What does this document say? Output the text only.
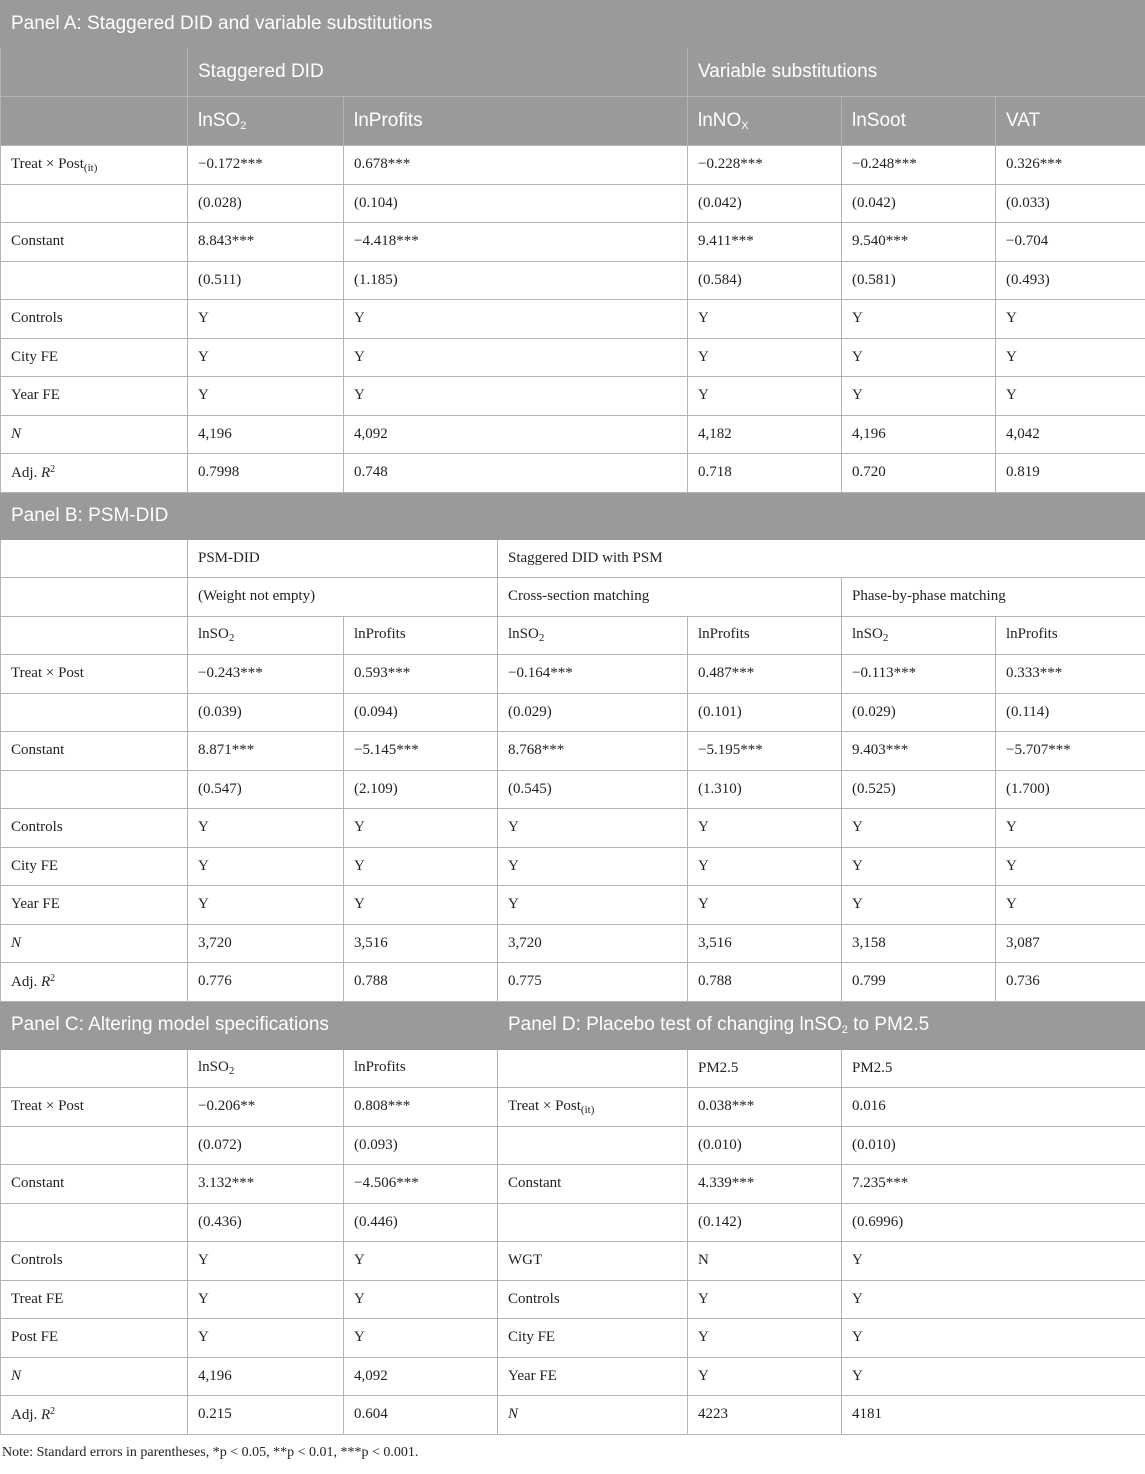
Panel A: Staggered DID and variable substitutions						
	Staggered DID			Variable substitutions		
	lnSO$_2$	lnProfits		lnNO$_X$	lnSoot	VAT
Treat × Post$_{(it)}$	−0.172***	0.678***		−0.228***	−0.248***	0.326***
	(0.028)	(0.104)		(0.042)	(0.042)	(0.033)
Constant	8.843***	−4.418***		9.411***	9.540***	−0.704
	(0.511)	(1.185)		(0.584)	(0.581)	(0.493)
Controls	Y	Y		Y	Y	Y
City FE	Y	Y		Y	Y	Y
Year FE	Y	Y		Y	Y	Y
N	4,196	4,092		4,182	4,196	4,042
Adj. $R^2$	0.7998	0.748		0.718	0.720	0.819
Panel B: PSM-DID						
	PSM-DID		Staggered DID with PSM			
	(Weight not empty)		Cross-section matching		Phase-by-phase matching	
	lnSO$_2$	lnProfits	lnSO$_2$	lnProfits	lnSO$_2$	lnProfits
Treat × Post	−0.243***	0.593***	−0.164***	0.487***	−0.113***	0.333***
	(0.039)	(0.094)	(0.029)	(0.101)	(0.029)	(0.114)
Constant	8.871***	−5.145***	8.768***	−5.195***	9.403***	−5.707***
	(0.547)	(2.109)	(0.545)	(1.310)	(0.525)	(1.700)
Controls	Y	Y	Y	Y	Y	Y
City FE	Y	Y	Y	Y	Y	Y
Year FE	Y	Y	Y	Y	Y	Y
N	3,720	3,516	3,720	3,516	3,158	3,087
Adj. $R^2$	0.776	0.788	0.775	0.788	0.799	0.736
Panel C: Altering model specifications			Panel D: Placebo test of changing lnSO$_2$ to PM2.5			
	lnSO$_2$	lnProfits		PM2.5	PM2.5	
Treat × Post	−0.206**	0.808***	Treat × Post$_{(it)}$	0.038***	0.016	
	(0.072)	(0.093)		(0.010)	(0.010)	
Constant	3.132***	−4.506***	Constant	4.339***	7.235***	
	(0.436)	(0.446)		(0.142)	(0.6996)	
Controls	Y	Y	WGT	N	Y	
Treat FE	Y	Y	Controls	Y	Y	
Post FE	Y	Y	City FE	Y	Y	
N	4,196	4,092	Year FE	Y	Y	
Adj. $R^2$	0.215	0.604	N	4223	4181	
Note: Standard errors in parentheses, *p < 0.05, **p < 0.01, ***p < 0.001.
